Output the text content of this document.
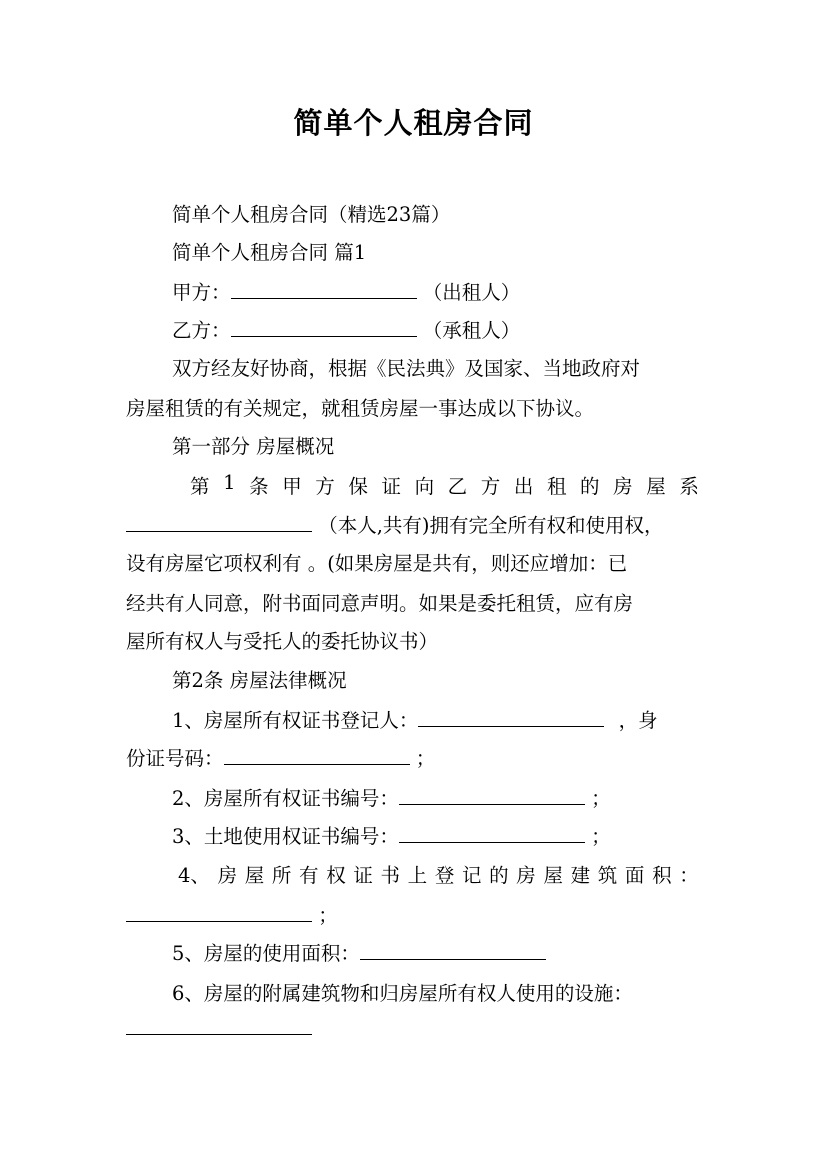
简单个人租房合同
简单个人租房合同（精选23篇）
简单个人租房合同 篇1
甲方：	（出租人）
乙方：	（承租人）
双方经友好协商，根据《民法典》及国家、当地政府对
房屋租赁的有关规定，就租赁房屋一事达成以下协议。
第一部分 房屋概况
第 1 条 甲 方 保 证 向 乙 方 出 租 的 房 屋 系
（本人,共有)拥有完全所有权和使用权，
设有房屋它项权利有 。(如果房屋是共有，则还应增加：已
经共有人同意，附书面同意声明。如果是委托租赁，应有房
屋所有权人与受托人的委托协议书）
第2条 房屋法律概况
1、房屋所有权证书登记人：	，身
份证号码：	；
2、房屋所有权证书编号：	；
3、土地使用权证书编号：	；
4、 房 屋 所 有 权 证 书 上 登 记 的 房 屋 建 筑 面 积 ：
；
5、房屋的使用面积：
6、房屋的附属建筑物和归房屋所有权人使用的设施：
